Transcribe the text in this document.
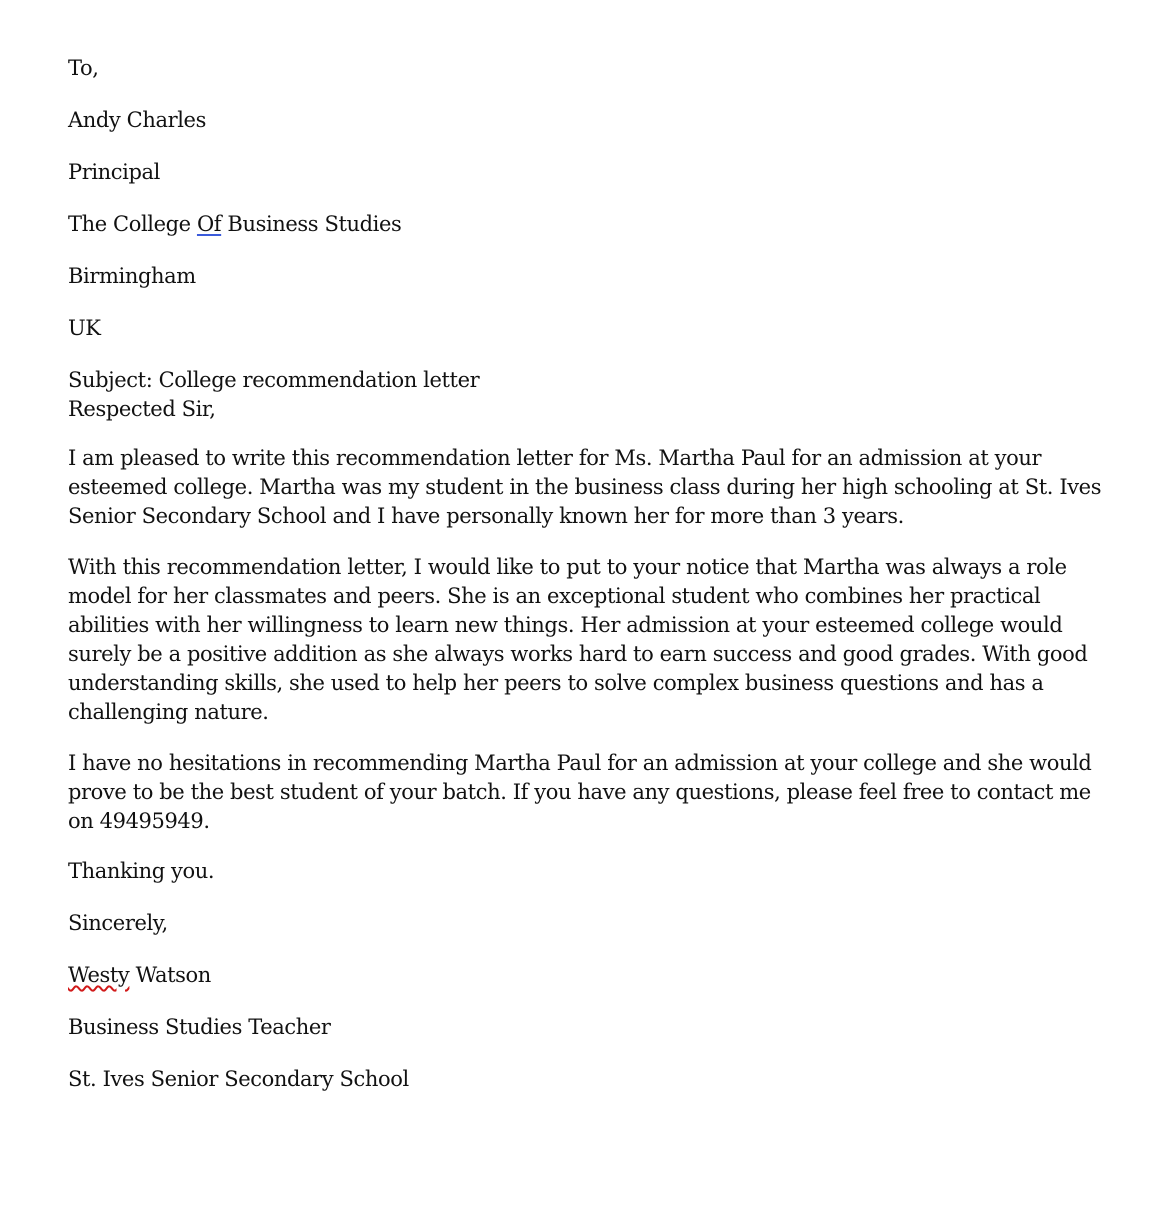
To,

Andy Charles

Principal

The College Of Business Studies

Birmingham

UK

Subject: College recommendation letter

Respected Sir,

I am pleased to write this recommendation letter for Ms. Martha Paul for an admission at your
esteemed college. Martha was my student in the business class during her high schooling at St. Ives
Senior Secondary School and I have personally known her for more than 3 years.
With this recommendation letter, I would like to put to your notice that Martha was always a role
model for her classmates and peers. She is an exceptional student who combines her practical
abilities with her willingness to learn new things. Her admission at your esteemed college would
surely be a positive addition as she always works hard to earn success and good grades. With good
understanding skills, she used to help her peers to solve complex business questions and has a
challenging nature.
I have no hesitations in recommending Martha Paul for an admission at your college and she would
prove to be the best student of your batch. If you have any questions, please feel free to contact me
on 49495949.

Thanking you.

Sincerely,

Westy Watson

Business Studies Teacher

St. Ives Senior Secondary School
